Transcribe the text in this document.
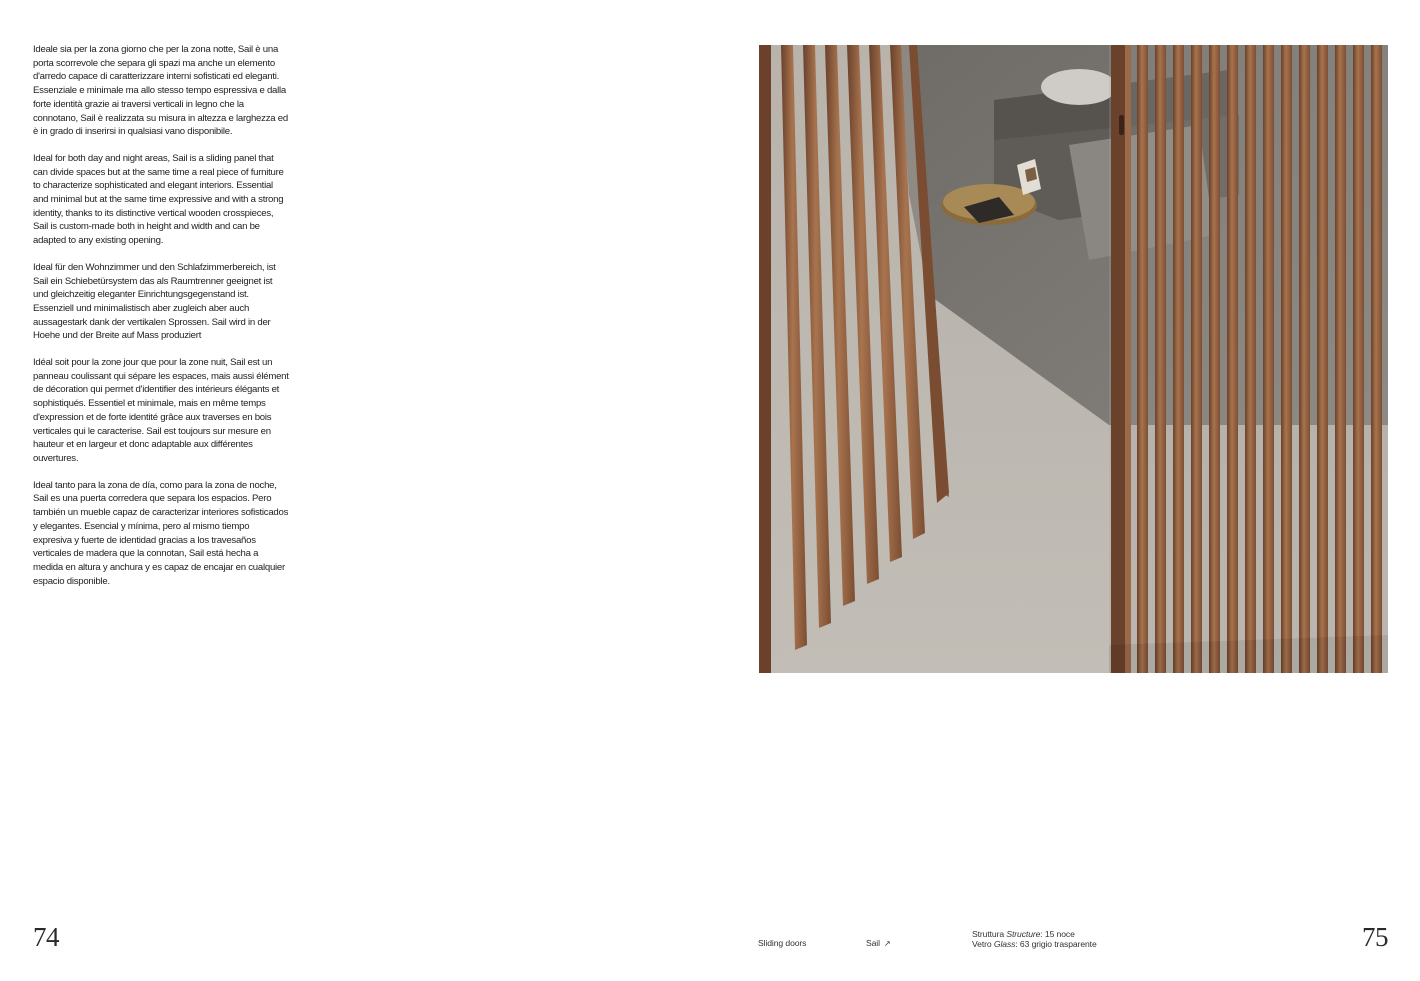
Ideale sia per la zona giorno che per la zona notte, Sail è una porta scorrevole che separa gli spazi ma anche un elemento d'arredo capace di caratterizzare interni sofisticati ed eleganti. Essenziale e minimale ma allo stesso tempo espressiva e dalla forte identità grazie ai traversi verticali in legno che la connotano, Sail è realizzata su misura in altezza e larghezza ed è in grado di inserirsi in qualsiasi vano disponibile.

Ideal for both day and night areas, Sail is a sliding panel that can divide spaces but at the same time a real piece of furniture to characterize sophisticated and elegant interiors. Essential and minimal but at the same time expressive and with a strong identity, thanks to its distinctive vertical wooden crosspieces, Sail is custom-made both in height and width and can be adapted to any existing opening.

Ideal für den Wohnzimmer und den Schlafzimmerbereich, ist Sail ein Schiebetürsystem das als Raumtrenner geeignet ist und gleichzeitig eleganter Einrichtungsgegenstand ist. Essenziell und minimalistisch aber zugleich aber auch aussagestark dank der vertikalen Sprossen. Sail wird in der Hoehe und der Breite auf Mass produziert

Idéal soit pour la zone jour que pour la zone nuit, Sail est un panneau coulissant qui sépare les espaces, mais aussi élément de décoration qui permet d'identifier des intérieurs élégants et sophistiqués. Essentiel et minimale, mais en même temps d'expression et de forte identité grâce aux traverses en bois verticales qui le caracterise. Sail est toujours sur mesure en hauteur et en largeur et donc adaptable aux différentes ouvertures.

Ideal tanto para la zona de día, como para la zona de noche, Sail es una puerta corredera que separa los espacios. Pero también un mueble capaz de caracterizar interiores sofisticados y elegantes. Esencial y mínima, pero al mismo tiempo expresiva y fuerte de identidad gracias a los travesaños verticales de madera que la connotan, Sail está hecha a medida en altura y anchura y es capaz de encajar en cualquier espacio disponible.

74	Sliding doors	Sail ↗
Struttura Structure: 15 noce
Vetro Glass: 63 grigio trasparente	75
